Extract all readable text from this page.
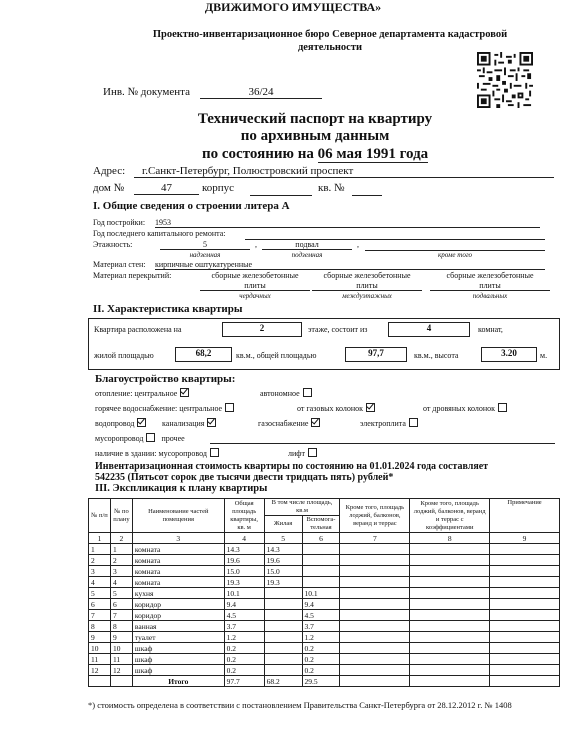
ДВИЖИМОГО ИМУЩЕСТВА»
Проектно-инвентаризационное бюро Северное департамента кадастровой
деятельности
Инв. № документа	36/24
Технический паспорт на квартиру
по архивным данным
по состоянию на 06 мая 1991 года
Адрес:	г.Санкт-Петербург, Полюстровский проспект
дом №	47	корпус	кв. №
I. Общие сведения о строении литера А
Год постройки: 1953
Год последнего капитального ремонта:
Этажность:	5	,	подвал	,
надземная	подземная	кроме того
Материал стен: кирпичные оштукатуренные
Материал перекрытий:	сборные железобетонные
плиты
сборные железобетонные
плиты
сборные железобетонные
плиты
чердачных	междуэтажных	подвальных
II. Характеристика квартиры
Квартира расположена на	2	этаже, состоит из	4	комнат,
жилой площадью	68,2	кв.м., общей площадью	97,7	кв.м., высота	3.20	м.
Благоустройство квартиры:
отопление: центральное	автономное
горячее водоснабжение: центральное	от газовых колонок	от дровяных колонок
водопровод	канализация	газоснабжение	электроплита
мусоропровод прочее
наличие в здании: мусоропровод	лифт
Инвентаризационная стоимость квартиры по состоянию на 01.01.2024 года составляет
542235 (Пятьсот сорок две тысячи двести тридцать пять) рублей*
III. Экспликация к плану квартиры
№ п/п	№ по плану	Наименование частей помещения	Общая площадь квартиры, кв. м	В том числе площадь, кв.м		Кроме того, площадь лоджий, балконов, веранд и террас	Кроме того, площадь лоджий, балконов, веранд и террас с коэффициентами	Примечание
				Жилая	Вспомога-тельная			
1	2	3	4	5	6	7	8	9
1	1	комната	14.3	14.3				
2	2	комната	19.6	19.6				
3	3	комната	15.0	15.0				
4	4	комната	19.3	19.3				
5	5	кухня	10.1		10.1			
6	6	коридор	9.4		9.4			
7	7	коридор	4.5		4.5			
8	8	ванная	3.7		3.7			
9	9	туалет	1.2		1.2			
10	10	шкаф	0.2		0.2			
11	11	шкаф	0.2		0.2			
12	12	шкаф	0.2		0.2			
		Итого	97.7	68.2	29.5			
*) стоимость определена в соответствии с постановлением Правительства Санкт-Петербурга от 28.12.2012 г. № 1408
